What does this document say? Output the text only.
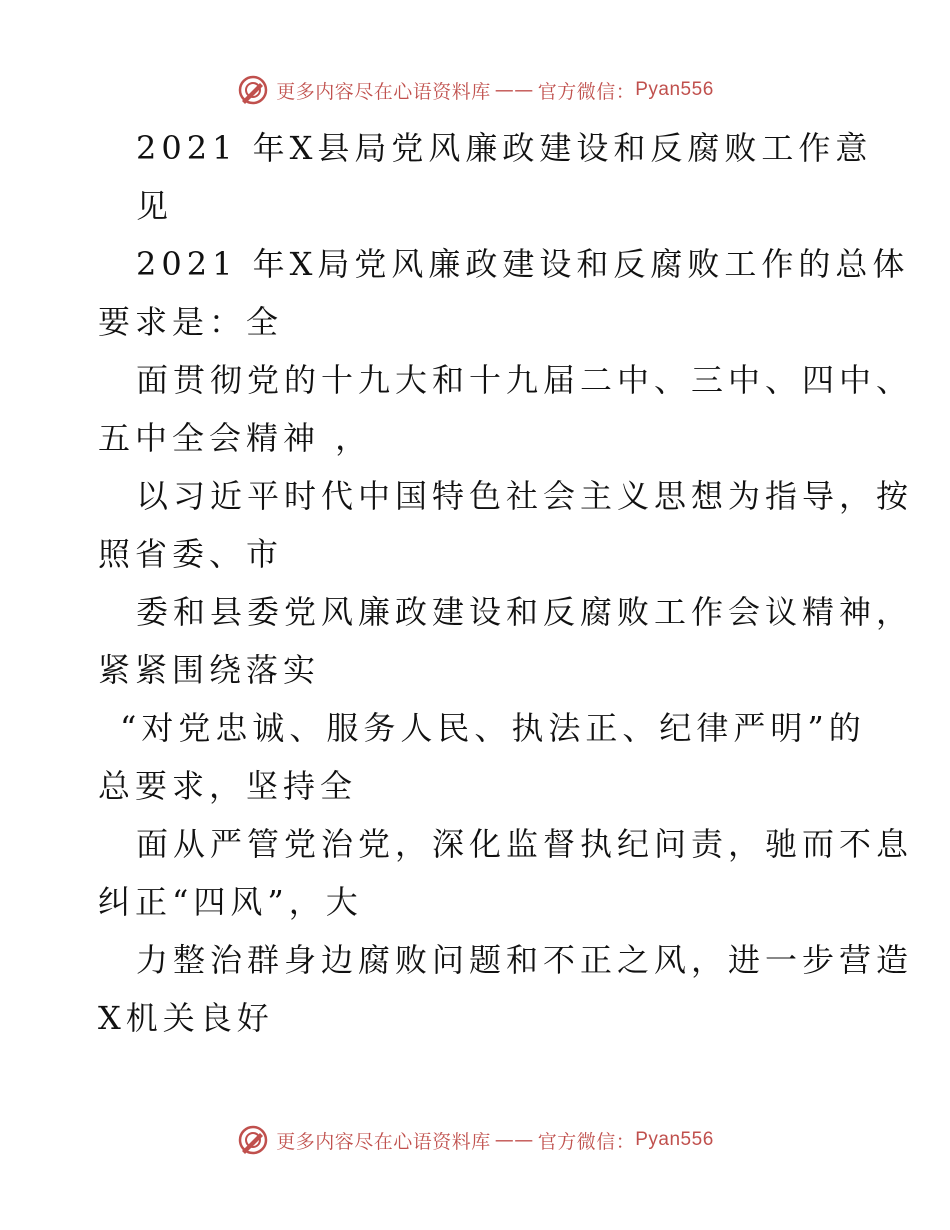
更多内容尽在心语资料库 —— 官方微信： Pyan556
2021 年X县局党风廉政建设和反腐败工作意
见
2021 年X局党风廉政建设和反腐败工作的总体
要求是：全
面贯彻党的十九大和十九届二中、三中、四中、
五中全会精神 ，
以习近平时代中国特色社会主义思想为指导，按
照省委、市
委和县委党风廉政建设和反腐败工作会议精神，
紧紧围绕落实
“对党忠诚、服务人民、执法正、纪律严明”的
总要求，坚持全
面从严管党治党，深化监督执纪问责，驰而不息
纠正“四风”，大
力整治群身边腐败问题和不正之风，进一步营造
X机关良好
更多内容尽在心语资料库 —— 官方微信： Pyan556
